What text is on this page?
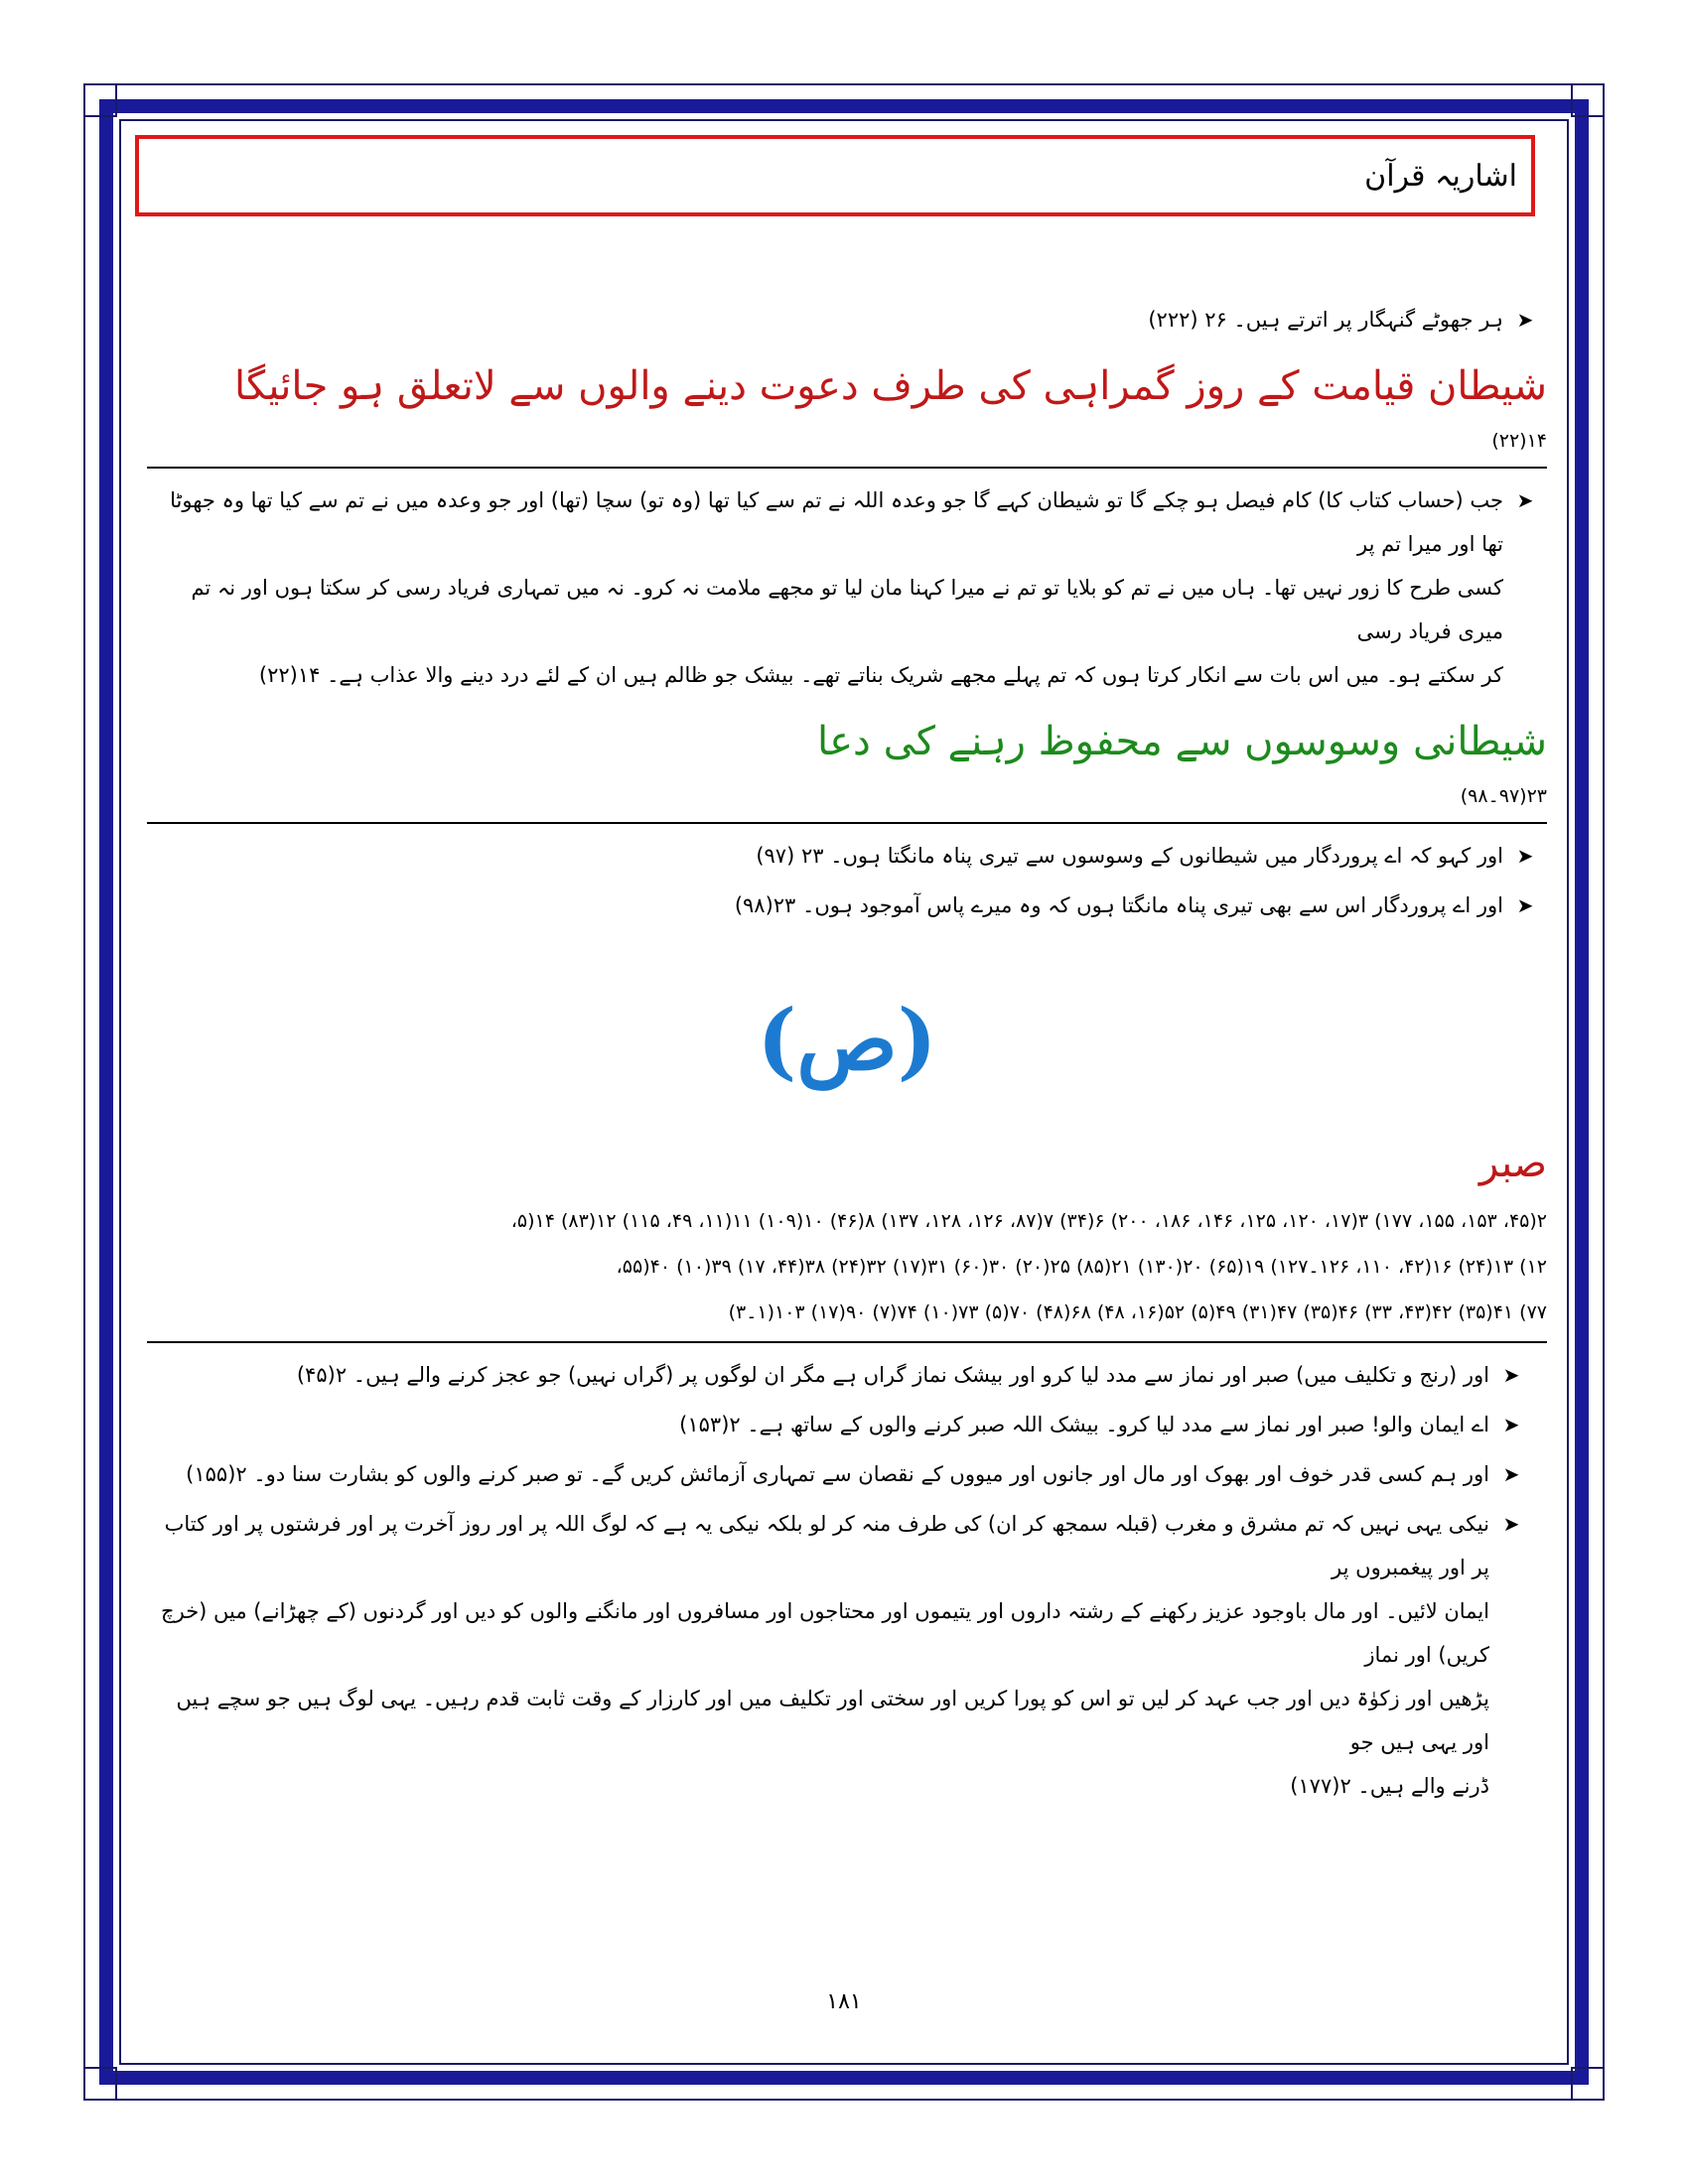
اشاریہ قرآن
➤
ہر جھوٹے گنہگار پر اترتے ہیں۔ ۲۶ (۲۲۲)
شیطان قیامت کے روز گمراہی کی طرف دعوت دینے والوں سے لاتعلق ہو جائیگا
۱۴(۲۲)
➤
جب (حساب کتاب کا) کام فیصل ہو چکے گا تو شیطان کہے گا جو وعدہ اللہ نے تم سے کیا تھا (وہ تو) سچا (تھا) اور جو وعدہ میں نے تم سے کیا تھا وہ جھوٹا تھا اور میرا تم پر
کسی طرح کا زور نہیں تھا۔ ہاں میں نے تم کو بلایا تو تم نے میرا کہنا مان لیا تو مجھے ملامت نہ کرو۔ نہ میں تمہاری فریاد رسی کر سکتا ہوں اور نہ تم میری فریاد رسی
کر سکتے ہو۔ میں اس بات سے انکار کرتا ہوں کہ تم پہلے مجھے شریک بناتے تھے۔ بیشک جو ظالم ہیں ان کے لئے درد دینے والا عذاب ہے۔ ۱۴(۲۲)
شیطانی وسوسوں سے محفوظ رہنے کی دعا
۲۳(۹۷۔۹۸)
➤
اور کہو کہ اے پروردگار میں شیطانوں کے وسوسوں سے تیری پناہ مانگتا ہوں۔ ۲۳ (۹۷)
➤
اور اے پروردگار اس سے بھی تیری پناہ مانگتا ہوں کہ وہ میرے پاس آموجود ہوں۔ ۲۳(۹۸)
(ص)
صبر
۲(۴۵، ۱۵۳، ۱۵۵، ۱۷۷) ۳(۱۷، ۱۲۰، ۱۲۵، ۱۴۶، ۱۸۶، ۲۰۰) ۶(۳۴) ۷(۸۷، ۱۲۶، ۱۲۸، ۱۳۷) ۸(۴۶) ۱۰(۱۰۹) ۱۱(۱۱، ۴۹، ۱۱۵) ۱۲(۸۳) ۱۴(۵،
۱۲) ۱۳(۲۴) ۱۶(۴۲، ۱۱۰، ۱۲۶۔۱۲۷) ۱۹(۶۵) ۲۰(۱۳۰) ۲۱(۸۵) ۲۵(۲۰) ۳۰(۶۰) ۳۱(۱۷) ۳۲(۲۴) ۳۸(۴۴، ۱۷) ۳۹(۱۰) ۴۰(۵۵،
۷۷) ۴۱(۳۵) ۴۲(۴۳، ۳۳) ۴۶(۳۵) ۴۷(۳۱) ۴۹(۵) ۵۲(۱۶، ۴۸) ۶۸(۴۸) ۷۰(۵) ۷۳(۱۰) ۷۴(۷) ۹۰(۱۷) ۱۰۳(۱۔۳)
➤
اور (رنج و تکلیف میں) صبر اور نماز سے مدد لیا کرو اور بیشک نماز گراں ہے مگر ان لوگوں پر (گراں نہیں) جو عجز کرنے والے ہیں۔ ۲(۴۵)
➤
اے ایمان والو! صبر اور نماز سے مدد لیا کرو۔ بیشک اللہ صبر کرنے والوں کے ساتھ ہے۔ ۲(۱۵۳)
➤
اور ہم کسی قدر خوف اور بھوک اور مال اور جانوں اور میووں کے نقصان سے تمہاری آزمائش کریں گے۔ تو صبر کرنے والوں کو بشارت سنا دو۔ ۲(۱۵۵)
➤
نیکی یہی نہیں کہ تم مشرق و مغرب (قبلہ سمجھ کر ان) کی طرف منہ کر لو بلکہ نیکی یہ ہے کہ لوگ اللہ پر اور روز آخرت پر اور فرشتوں پر اور کتاب پر اور پیغمبروں پر
ایمان لائیں۔ اور مال باوجود عزیز رکھنے کے رشتہ داروں اور یتیموں اور محتاجوں اور مسافروں اور مانگنے والوں کو دیں اور گردنوں (کے چھڑانے) میں (خرچ کریں) اور نماز
پڑھیں اور زکوٰۃ دیں اور جب عہد کر لیں تو اس کو پورا کریں اور سختی اور تکلیف میں اور کارزار کے وقت ثابت قدم رہیں۔ یہی لوگ ہیں جو سچے ہیں اور یہی ہیں جو
ڈرنے والے ہیں۔ ۲(۱۷۷)
۱۸۱
